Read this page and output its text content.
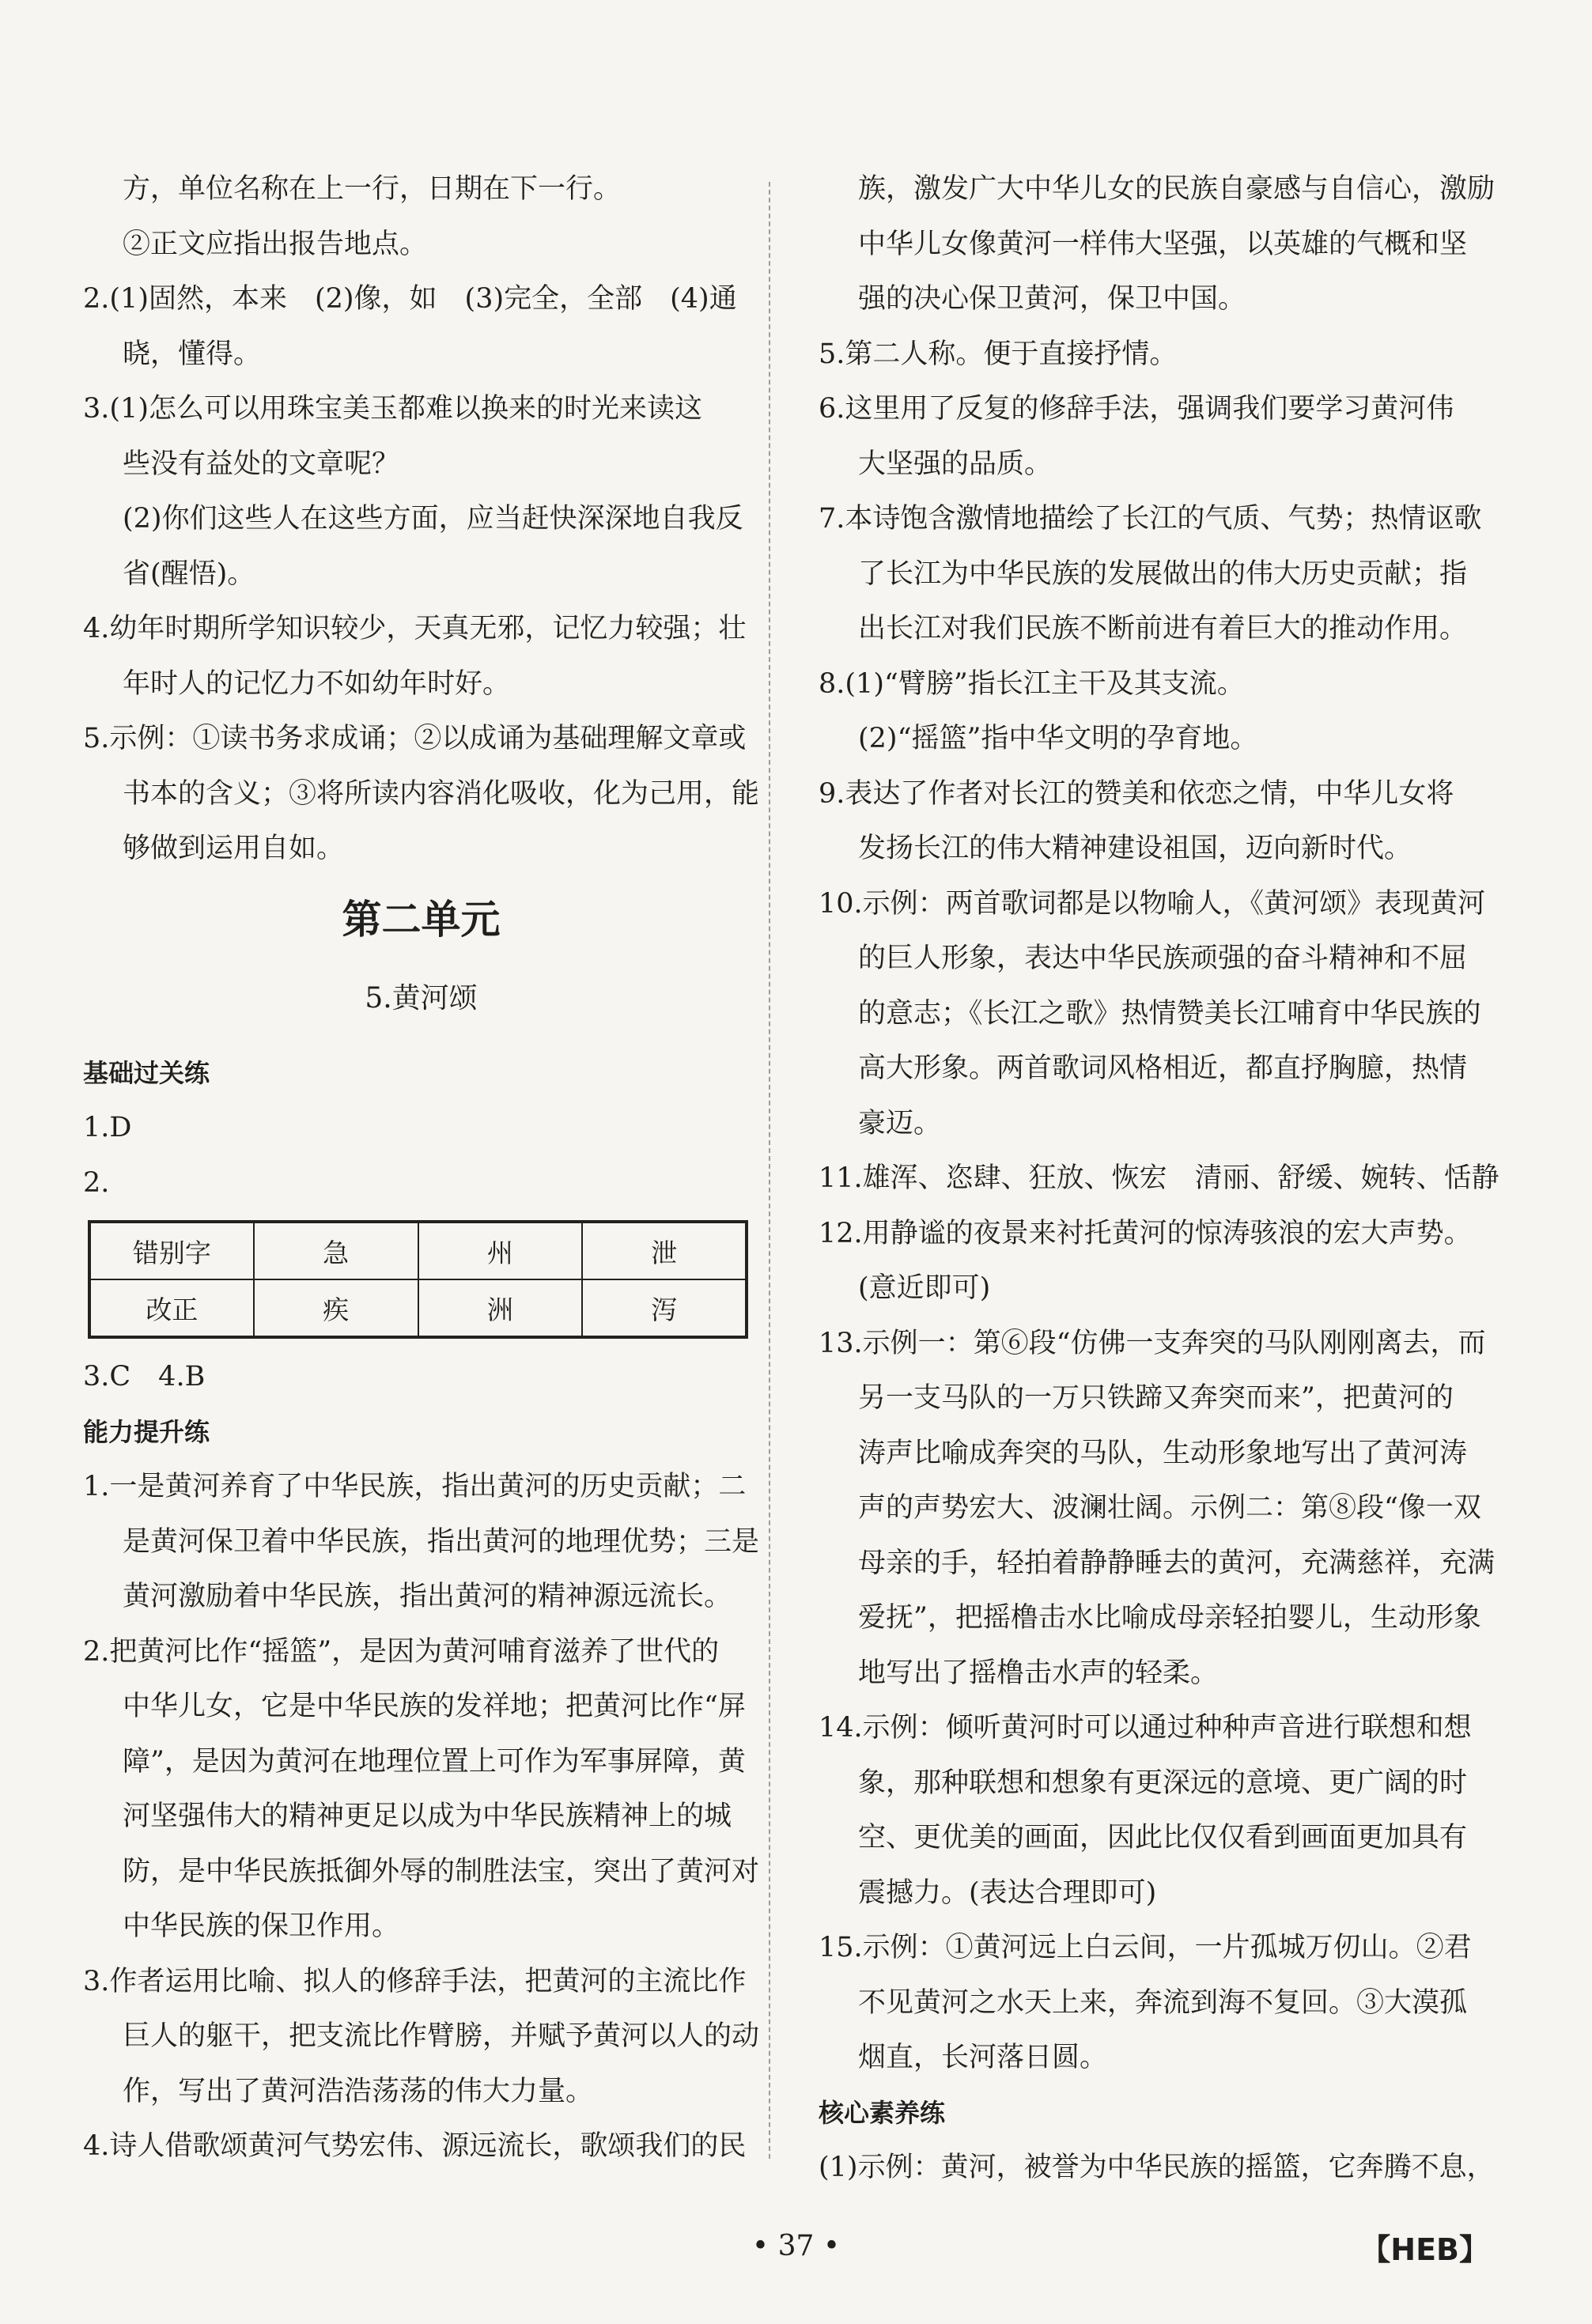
方，单位名称在上一行，日期在下一行。
②正文应指出报告地点。
2.(1)固然，本来　(2)像，如　(3)完全，全部　(4)通
晓，懂得。
3.(1)怎么可以用珠宝美玉都难以换来的时光来读这
些没有益处的文章呢？
(2)你们这些人在这些方面，应当赶快深深地自我反
省(醒悟)。
4.幼年时期所学知识较少，天真无邪，记忆力较强；壮
年时人的记忆力不如幼年时好。
5.示例：①读书务求成诵；②以成诵为基础理解文章或
书本的含义；③将所读内容消化吸收，化为己用，能
够做到运用自如。
第二单元
5.黄河颂
基础过关练
1.D
2.
错别字	急	州	泄
改正	疾	洲	泻
3.C　4.B
能力提升练
1.一是黄河养育了中华民族，指出黄河的历史贡献；二
是黄河保卫着中华民族，指出黄河的地理优势；三是
黄河激励着中华民族，指出黄河的精神源远流长。
2.把黄河比作“摇篮”，是因为黄河哺育滋养了世代的
中华儿女，它是中华民族的发祥地；把黄河比作“屏
障”，是因为黄河在地理位置上可作为军事屏障，黄
河坚强伟大的精神更足以成为中华民族精神上的城
防，是中华民族抵御外辱的制胜法宝，突出了黄河对
中华民族的保卫作用。
3.作者运用比喻、拟人的修辞手法，把黄河的主流比作
巨人的躯干，把支流比作臂膀，并赋予黄河以人的动
作，写出了黄河浩浩荡荡的伟大力量。
4.诗人借歌颂黄河气势宏伟、源远流长，歌颂我们的民
族，激发广大中华儿女的民族自豪感与自信心，激励
中华儿女像黄河一样伟大坚强，以英雄的气概和坚
强的决心保卫黄河，保卫中国。
5.第二人称。便于直接抒情。
6.这里用了反复的修辞手法，强调我们要学习黄河伟
大坚强的品质。
7.本诗饱含激情地描绘了长江的气质、气势；热情讴歌
了长江为中华民族的发展做出的伟大历史贡献；指
出长江对我们民族不断前进有着巨大的推动作用。
8.(1)“臂膀”指长江主干及其支流。
(2)“摇篮”指中华文明的孕育地。
9.表达了作者对长江的赞美和依恋之情，中华儿女将
发扬长江的伟大精神建设祖国，迈向新时代。
10.示例：两首歌词都是以物喻人，《黄河颂》表现黄河
的巨人形象，表达中华民族顽强的奋斗精神和不屈
的意志；《长江之歌》热情赞美长江哺育中华民族的
高大形象。两首歌词风格相近，都直抒胸臆，热情
豪迈。
11.雄浑、恣肆、狂放、恢宏　清丽、舒缓、婉转、恬静
12.用静谧的夜景来衬托黄河的惊涛骇浪的宏大声势。
(意近即可)
13.示例一：第⑥段“仿佛一支奔突的马队刚刚离去，而
另一支马队的一万只铁蹄又奔突而来”，把黄河的
涛声比喻成奔突的马队，生动形象地写出了黄河涛
声的声势宏大、波澜壮阔。示例二：第⑧段“像一双
母亲的手，轻拍着静静睡去的黄河，充满慈祥，充满
爱抚”，把摇橹击水比喻成母亲轻拍婴儿，生动形象
地写出了摇橹击水声的轻柔。
14.示例：倾听黄河时可以通过种种声音进行联想和想
象，那种联想和想象有更深远的意境、更广阔的时
空、更优美的画面，因此比仅仅看到画面更加具有
震撼力。(表达合理即可)
15.示例：①黄河远上白云间，一片孤城万仞山。②君
不见黄河之水天上来，奔流到海不复回。③大漠孤
烟直，长河落日圆。
核心素养练
(1)示例：黄河，被誉为中华民族的摇篮，它奔腾不息，
• 37 •	【HEB】
